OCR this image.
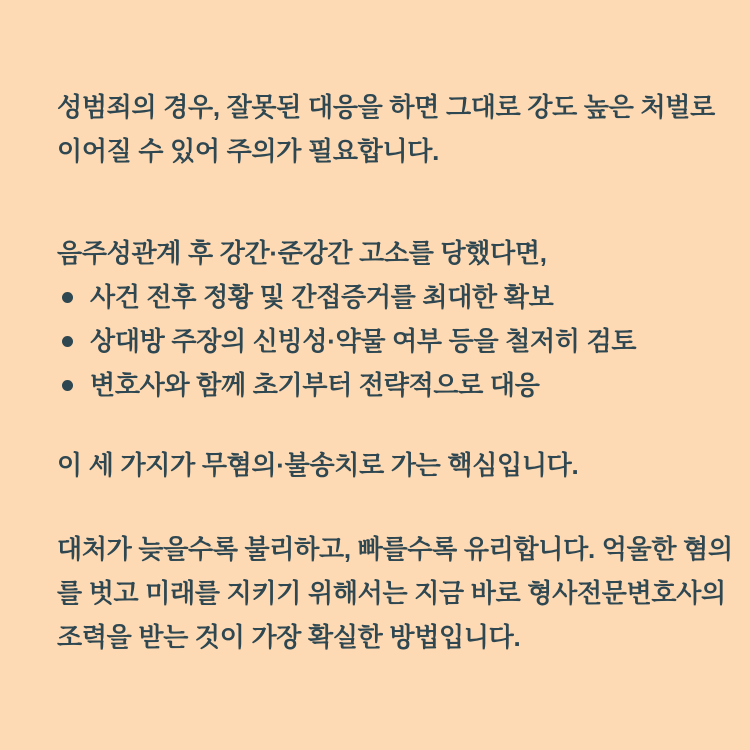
성범죄의 경우, 잘못된 대응을 하면 그대로 강도 높은 처벌로
이어질 수 있어 주의가 필요합니다.

음주성관계 후 강간·준강간 고소를 당했다면,

사건 전후 정황 및 간접증거를 최대한 확보
상대방 주장의 신빙성·약물 여부 등을 철저히 검토
변호사와 함께 초기부터 전략적으로 대응

이 세 가지가 무혐의·불송치로 가는 핵심입니다.

대처가 늦을수록 불리하고, 빠를수록 유리합니다. 억울한 혐의
를 벗고 미래를 지키기 위해서는 지금 바로 형사전문변호사의
조력을 받는 것이 가장 확실한 방법입니다.
